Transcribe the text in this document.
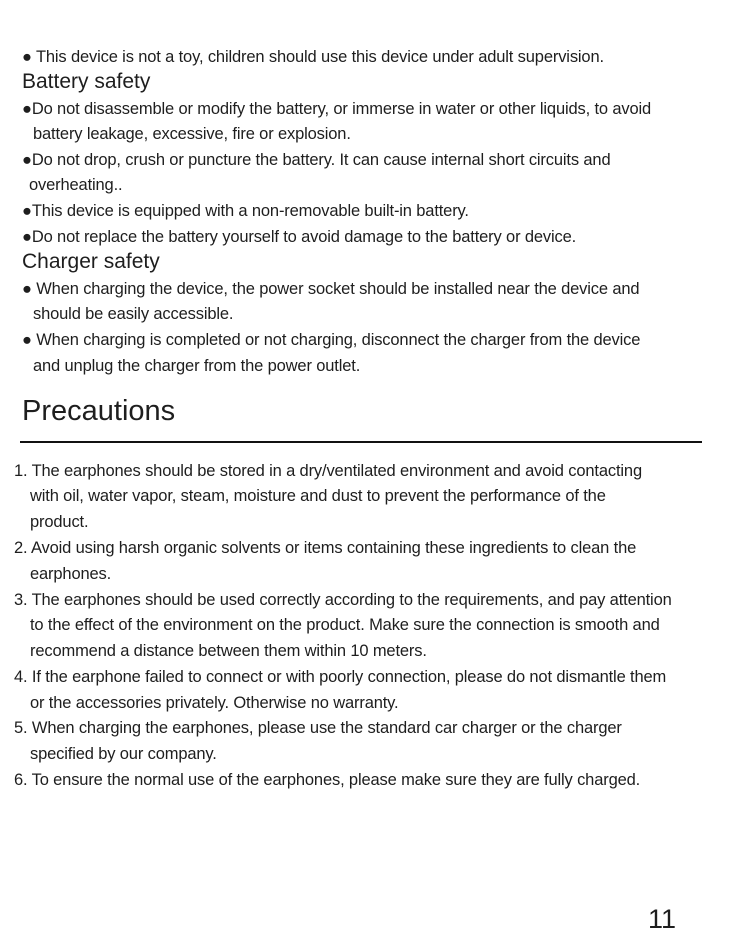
● This device is not a toy, children should use this device under adult supervision.
Battery safety
●Do not disassemble or modify the battery, or immerse in water or other liquids, to avoid
battery leakage, excessive, fire or explosion.
●Do not drop, crush or puncture the battery. It can cause internal short circuits and
overheating..
●This device is equipped with a non-removable built-in battery.
●Do not replace the battery yourself to avoid damage to the battery or device.
Charger safety
● When charging the device, the power socket should be installed near the device and
should be easily accessible.
● When charging is completed or not charging, disconnect the charger from the device
and unplug the charger from the power outlet.
Precautions
1. The earphones should be stored in a dry/ventilated environment and avoid contacting
with oil, water vapor, steam, moisture and dust to prevent the performance of the
product.
2. Avoid using harsh organic solvents or items containing these ingredients to clean the
earphones.
3. The earphones should be used correctly according to the requirements, and pay attention
to the effect of the environment on the product. Make sure the connection is smooth and
recommend a distance between them within 10 meters.
4. If the earphone failed to connect or with poorly connection, please do not dismantle them
or the accessories privately. Otherwise no warranty.
5. When charging the earphones, please use the standard car charger or the charger
specified by our company.
6. To ensure the normal use of the earphones, please make sure they are fully charged.
11
